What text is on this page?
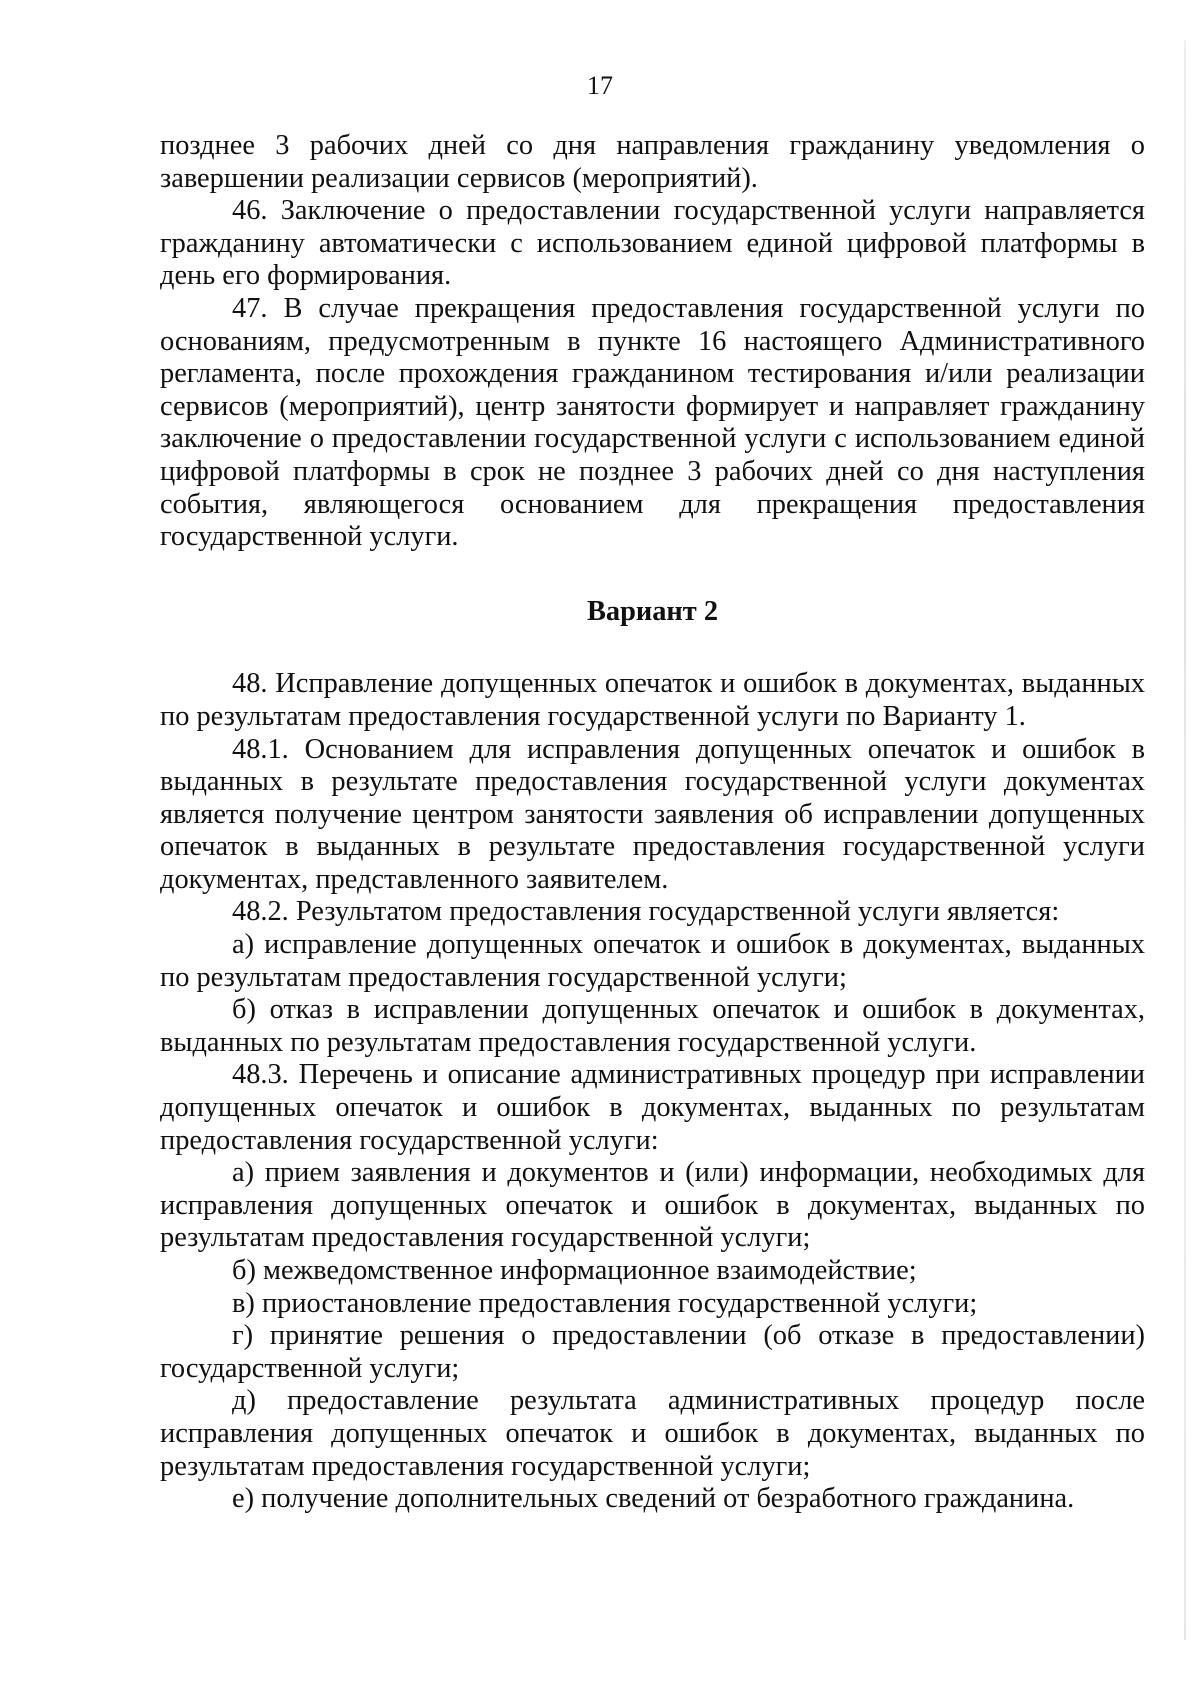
17

позднее 3 рабочих дней со дня направления гражданину уведомления о завершении реализации сервисов (мероприятий).

46. Заключение о предоставлении государственной услуги направляется гражданину автоматически с использованием единой цифровой платформы в день его формирования.

47. В случае прекращения предоставления государственной услуги по основаниям, предусмотренным в пункте 16 настоящего Административного регламента, после прохождения гражданином тестирования и/или реализации сервисов (мероприятий), центр занятости формирует и направляет гражданину заключение о предоставлении государственной услуги с использованием единой цифровой платформы в срок не позднее 3 рабочих дней со дня наступления события, являющегося основанием для прекращения предоставления государственной услуги.

Вариант 2

48. Исправление допущенных опечаток и ошибок в документах, выданных по результатам предоставления государственной услуги по Варианту 1.

48.1. Основанием для исправления допущенных опечаток и ошибок в выданных в результате предоставления государственной услуги документах является получение центром занятости заявления об исправлении допущенных опечаток в выданных в результате предоставления государственной услуги документах, представленного заявителем.

48.2. Результатом предоставления государственной услуги является:

а) исправление допущенных опечаток и ошибок в документах, выданных по результатам предоставления государственной услуги;

б) отказ в исправлении допущенных опечаток и ошибок в документах, выданных по результатам предоставления государственной услуги.

48.3. Перечень и описание административных процедур при исправлении допущенных опечаток и ошибок в документах, выданных по результатам предоставления государственной услуги:

а) прием заявления и документов и (или) информации, необходимых для исправления допущенных опечаток и ошибок в документах, выданных по результатам предоставления государственной услуги;

б) межведомственное информационное взаимодействие;

в) приостановление предоставления государственной услуги;

г) принятие решения о предоставлении (об отказе в предоставлении) государственной услуги;

д) предоставление результата административных процедур после исправления допущенных опечаток и ошибок в документах, выданных по результатам предоставления государственной услуги;

е) получение дополнительных сведений от безработного гражданина.
